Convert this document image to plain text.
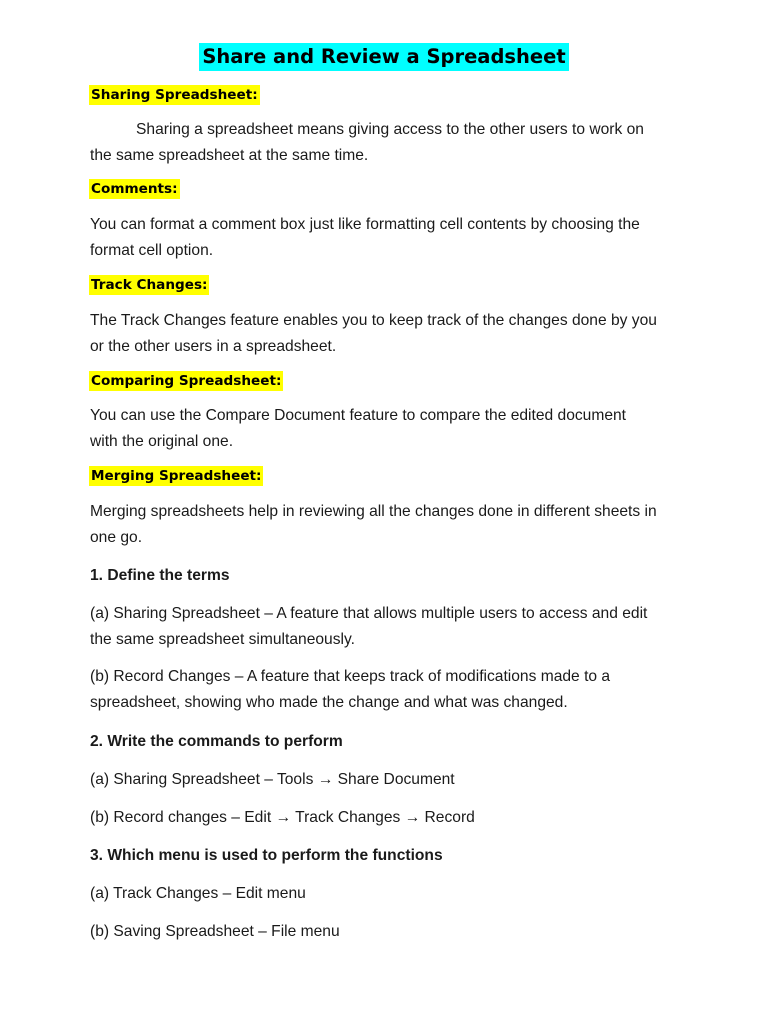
Share and Review a Spreadsheet
Sharing Spreadsheet:
Sharing a spreadsheet means giving access to the other users to work on
the same spreadsheet at the same time.
Comments:
You can format a comment box just like formatting cell contents by choosing the
format cell option.
Track Changes:
The Track Changes feature enables you to keep track of the changes done by you
or the other users in a spreadsheet.
Comparing Spreadsheet:
You can use the Compare Document feature to compare the edited document
with the original one.
Merging Spreadsheet:
Merging spreadsheets help in reviewing all the changes done in different sheets in
one go.
1. Define the terms
(a) Sharing Spreadsheet – A feature that allows multiple users to access and edit
the same spreadsheet simultaneously.
(b) Record Changes – A feature that keeps track of modifications made to a
spreadsheet, showing who made the change and what was changed.
2. Write the commands to perform
(a) Sharing Spreadsheet – Tools → Share Document
(b) Record changes – Edit → Track Changes → Record
3. Which menu is used to perform the functions
(a) Track Changes – Edit menu
(b) Saving Spreadsheet – File menu
